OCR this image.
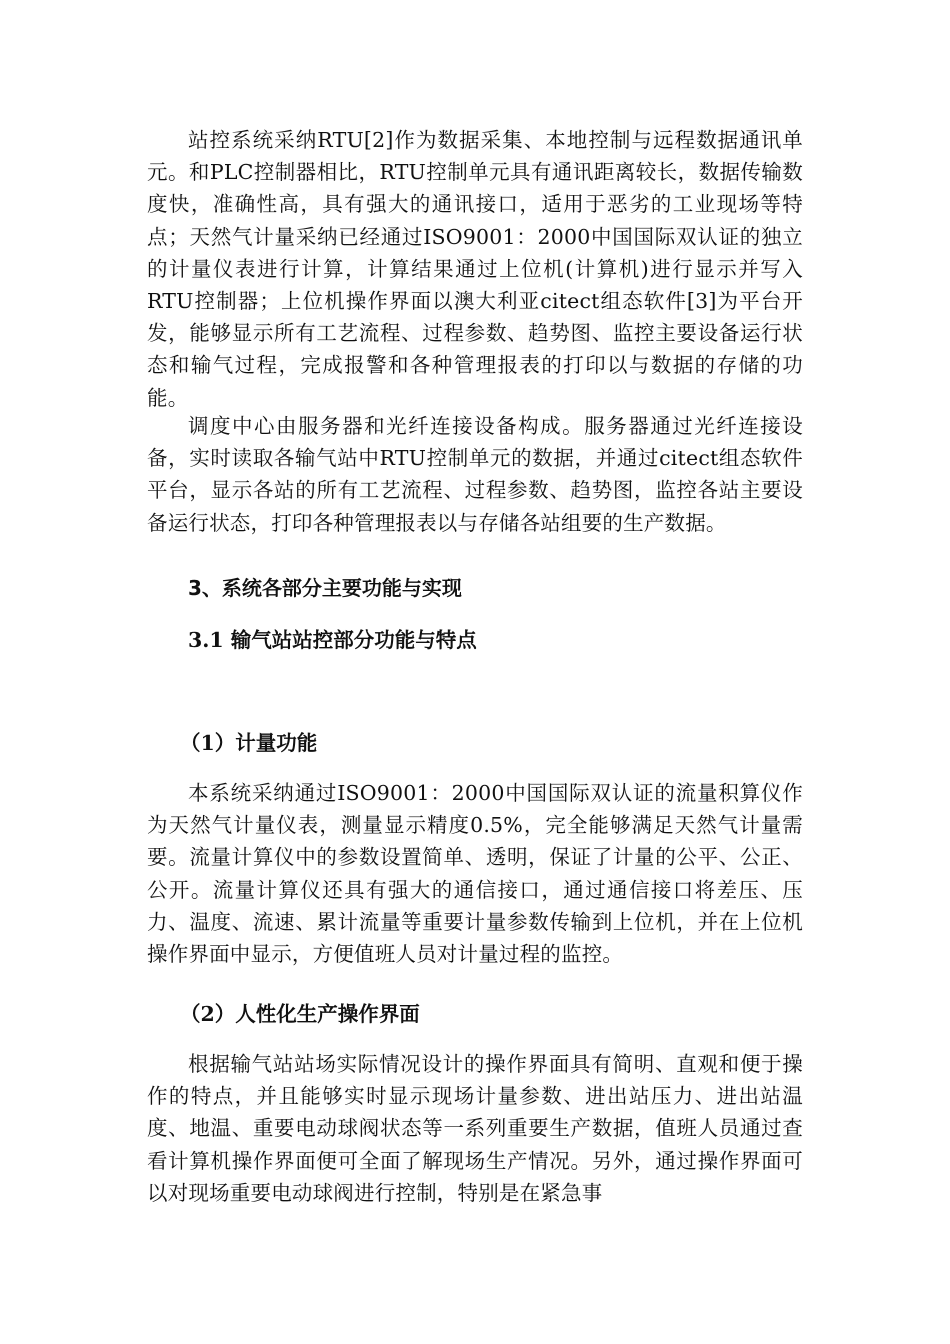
站控系统采纳RTU[2]作为数据采集、本地控制与远程数据通讯单元。和PLC控制器相比，RTU控制单元具有通讯距离较长，数据传输数度快，准确性高，具有强大的通讯接口，适用于恶劣的工业现场等特点；天然气计量采纳已经通过ISO9001：2000中国国际双认证的独立的计量仪表进行计算，计算结果通过上位机(计算机)进行显示并写入RTU控制器；上位机操作界面以澳大利亚citect组态软件[3]为平台开发，能够显示所有工艺流程、过程参数、趋势图、监控主要设备运行状态和输气过程，完成报警和各种管理报表的打印以与数据的存储的功能。

调度中心由服务器和光纤连接设备构成。服务器通过光纤连接设备，实时读取各输气站中RTU控制单元的数据，并通过citect组态软件平台，显示各站的所有工艺流程、过程参数、趋势图，监控各站主要设备运行状态，打印各种管理报表以与存储各站组要的生产数据。

3、系统各部分主要功能与实现
3.1 输气站站控部分功能与特点
（1）计量功能

本系统采纳通过ISO9001：2000中国国际双认证的流量积算仪作为天然气计量仪表，测量显示精度0.5%，完全能够满足天然气计量需要。流量计算仪中的参数设置简单、透明，保证了计量的公平、公正、公开。流量计算仪还具有强大的通信接口，通过通信接口将差压、压力、温度、流速、累计流量等重要计量参数传输到上位机，并在上位机操作界面中显示，方便值班人员对计量过程的监控。

（2）人性化生产操作界面

根据输气站站场实际情况设计的操作界面具有简明、直观和便于操作的特点，并且能够实时显示现场计量参数、进出站压力、进出站温度、地温、重要电动球阀状态等一系列重要生产数据，值班人员通过查看计算机操作界面便可全面了解现场生产情况。另外，通过操作界面可以对现场重要电动球阀进行控制，特别是在紧急事
